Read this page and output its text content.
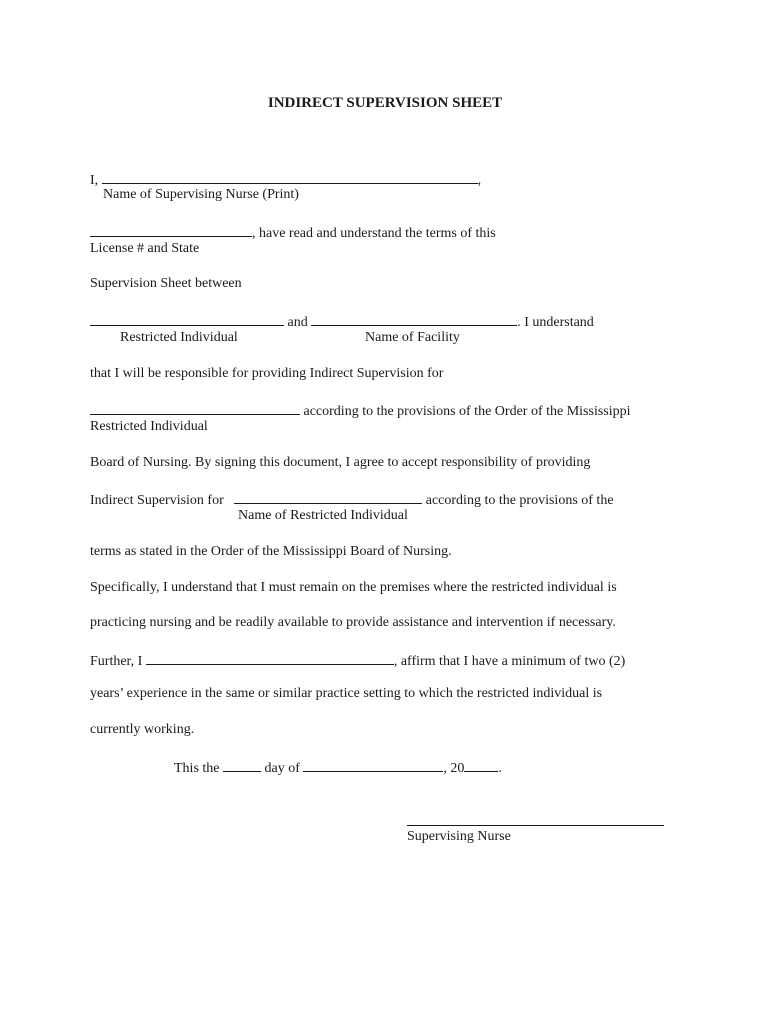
INDIRECT SUPERVISION SHEET
I,	,
Name of Supervising Nurse (Print)
, have read and understand the terms of this
License # and State
Supervision Sheet between
and	. I understand
Restricted Individual	Name of Facility
that I will be responsible for providing Indirect Supervision for
according to the provisions of the Order of the Mississippi
Restricted Individual
Board of Nursing. By signing this document, I agree to accept responsibility of providing
Indirect Supervision for	according to the provisions of the
Name of Restricted Individual
terms as stated in the Order of the Mississippi Board of Nursing.
Specifically, I understand that I must remain on the premises where the restricted individual is
practicing nursing and be readily available to provide assistance and intervention if necessary.
Further, I	, affirm that I have a minimum of two (2)
years’ experience in the same or similar practice setting to which the restricted individual is
currently working.
This the	day of	, 20 .
Supervising Nurse
